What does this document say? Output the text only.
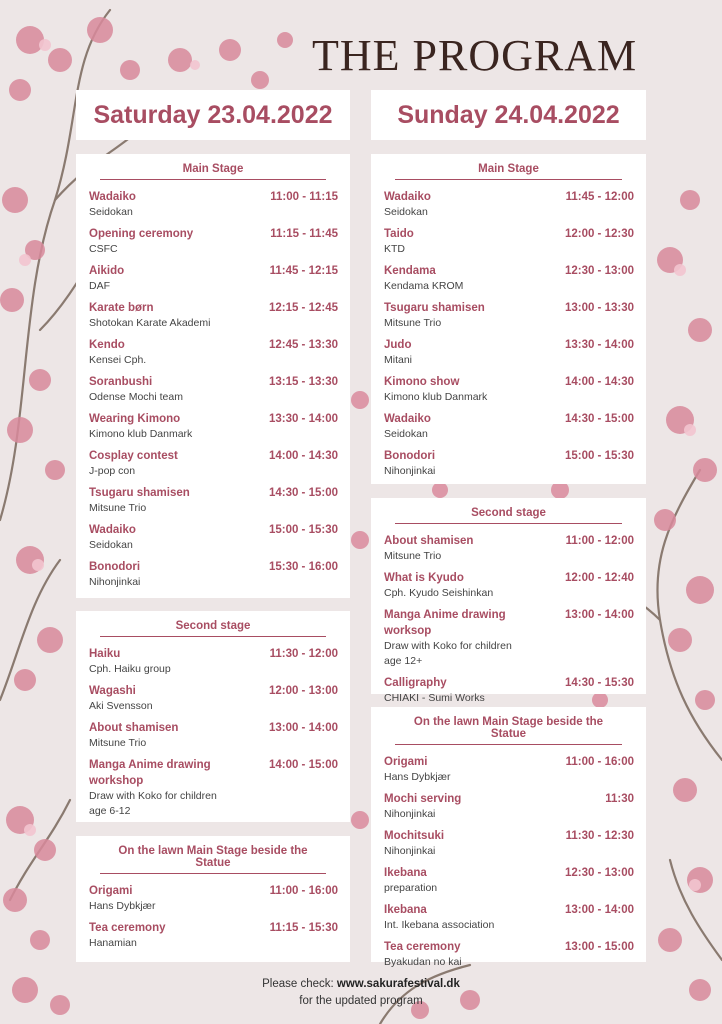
THE PROGRAM
Saturday 23.04.2022	Sunday 24.04.2022
Main Stage
Wadaiko	11:00 - 11:15
Seidokan
Opening ceremony	11:15 - 11:45
CSFC
Aikido	11:45 - 12:15
DAF
Karate børn	12:15 - 12:45
Shotokan Karate Akademi
Kendo	12:45 - 13:30
Kensei Cph.
Soranbushi	13:15 - 13:30
Odense Mochi team
Wearing Kimono	13:30 - 14:00
Kimono klub Danmark
Cosplay contest	14:00 - 14:30
J-pop con
Tsugaru shamisen	14:30 - 15:00
Mitsune Trio
Wadaiko	15:00 - 15:30
Seidokan
Bonodori	15:30 - 16:00
Nihonjinkai
Second stage
Haiku	11:30 - 12:00
Cph. Haiku group
Wagashi	12:00 - 13:00
Aki Svensson
About shamisen	13:00 - 14:00
Mitsune Trio
Manga Anime drawing workshop
14:00 - 15:00
Draw with Koko for children age 6-12
On the lawn Main Stage beside the Statue
Origami	11:00 - 16:00
Hans Dybkjær
Tea ceremony	11:15 - 15:30
Hanamian
Main Stage
Wadaiko	11:45 - 12:00
Seidokan
Taido	12:00 - 12:30
KTD
Kendama	12:30 - 13:00
Kendama KROM
Tsugaru shamisen	13:00 - 13:30
Mitsune Trio
Judo	13:30 - 14:00
Mitani
Kimono show	14:00 - 14:30
Kimono klub Danmark
Wadaiko	14:30 - 15:00
Seidokan
Bonodori	15:00 - 15:30
Nihonjinkai
Second stage
About shamisen	11:00 - 12:00
Mitsune Trio
What is Kyudo	12:00 - 12:40
Cph. Kyudo Seishinkan
Manga Anime drawing worksop
13:00 - 14:00
Draw with Koko for children age 12+
Calligraphy	14:30 - 15:30
CHIAKI - Sumi Works
On the lawn Main Stage beside the Statue
Origami	11:00 - 16:00
Hans Dybkjær
Mochi serving	11:30
Nihonjinkai
Mochitsuki	11:30 - 12:30
Nihonjinkai
Ikebana	12:30 - 13:00
preparation
Ikebana	13:00 - 14:00
Int. Ikebana association
Tea ceremony	13:00 - 15:00
Byakudan no kai
Please check: www.sakurafestival.dk
for the updated program
